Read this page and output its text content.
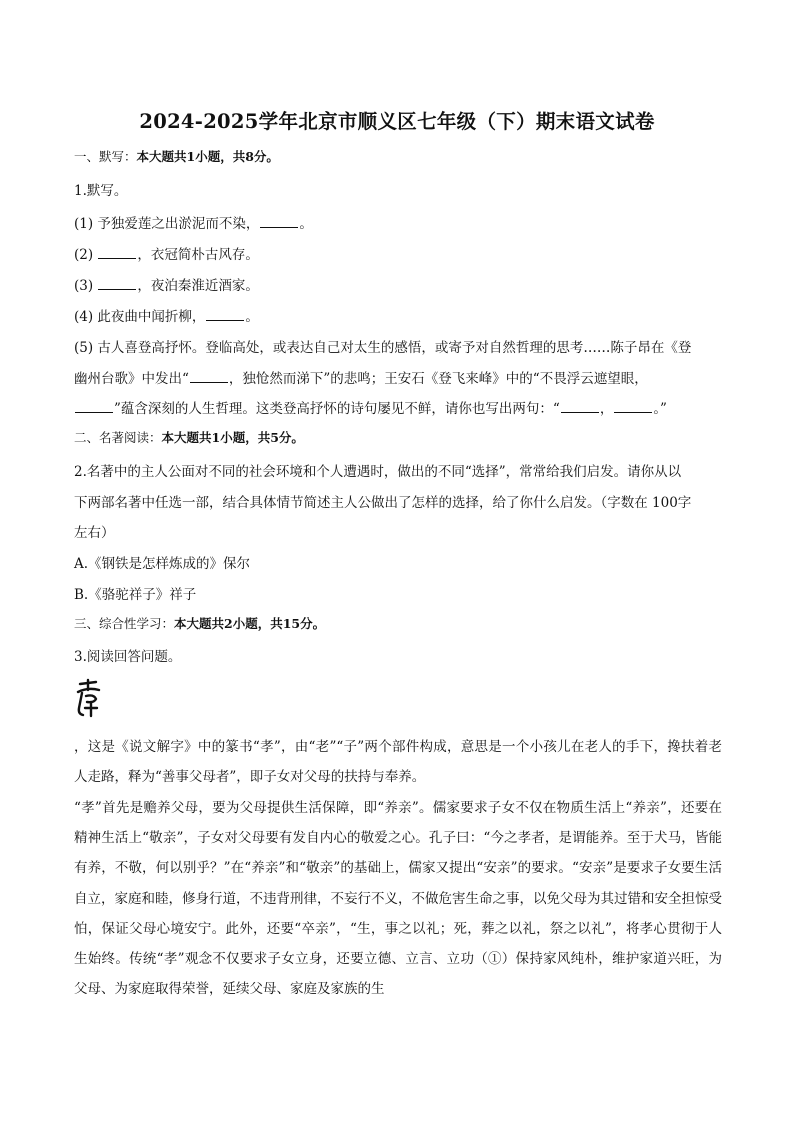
2024-2025学年北京市顺义区七年级（下）期末语文试卷
一、默写：本大题共1小题，共8分。
1.默写。
(1) 予独爱莲之出淤泥而不染，	。
(2)	，衣冠简朴古风存。
(3)	，夜泊秦淮近酒家。
(4) 此夜曲中闻折柳，	。
(5) 古人喜登高抒怀。登临高处，或表达自己对太生的感悟，或寄予对自然哲理的思考……陈子昂在《登
幽州台歌》中发出“	，独怆然而涕下”的悲鸣；王安石《登飞来峰》中的“不畏浮云遮望眼，
”蕴含深刻的人生哲理。这类登高抒怀的诗句屡见不鲜，请你也写出两句：“	，	。”
二、名著阅读：本大题共1小题，共5分。
2.名著中的主人公面对不同的社会环境和个人遭遇时，做出的不同“选择”，常常给我们启发。请你从以
下两部名著中任选一部，结合具体情节简述主人公做出了怎样的选择，给了你什么启发。（字数在 100字
左右）
A.《钢铁是怎样炼成的》保尔
B.《骆驼祥子》祥子
三、综合性学习：本大题共2小题，共15分。
3.阅读回答问题。
，这是《说文解字》中的篆书“孝”，由“老”“子”两个部件构成，意思是一个小孩儿在老人的手下，搀扶着老人走路，释为“善事父母者”，即子女对父母的扶持与奉养。
“孝”首先是赡养父母，要为父母提供生活保障，即“养亲”。儒家要求子女不仅在物质生活上“养亲”，还要在精神生活上“敬亲”，子女对父母要有发自内心的敬爱之心。孔子曰：“今之孝者，是谓能养。至于犬马，皆能有养，不敬，何以别乎？”在“养亲”和“敬亲”的基础上，儒家又提出“安亲”的要求。“安亲”是要求子女要生活自立，家庭和睦，修身行道，不违背刑律，不妄行不义，不做危害生命之事，以免父母为其过错和安全担惊受怕，保证父母心境安宁。此外，还要“卒亲”，“生，事之以礼；死，葬之以礼，祭之以礼”，将孝心贯彻于人生始终。传统“孝”观念不仅要求子女立身，还要立德、立言、立功（①）保持家风纯朴，维护家道兴旺，为父母、为家庭取得荣誉，延续父母、家庭及家族的生
